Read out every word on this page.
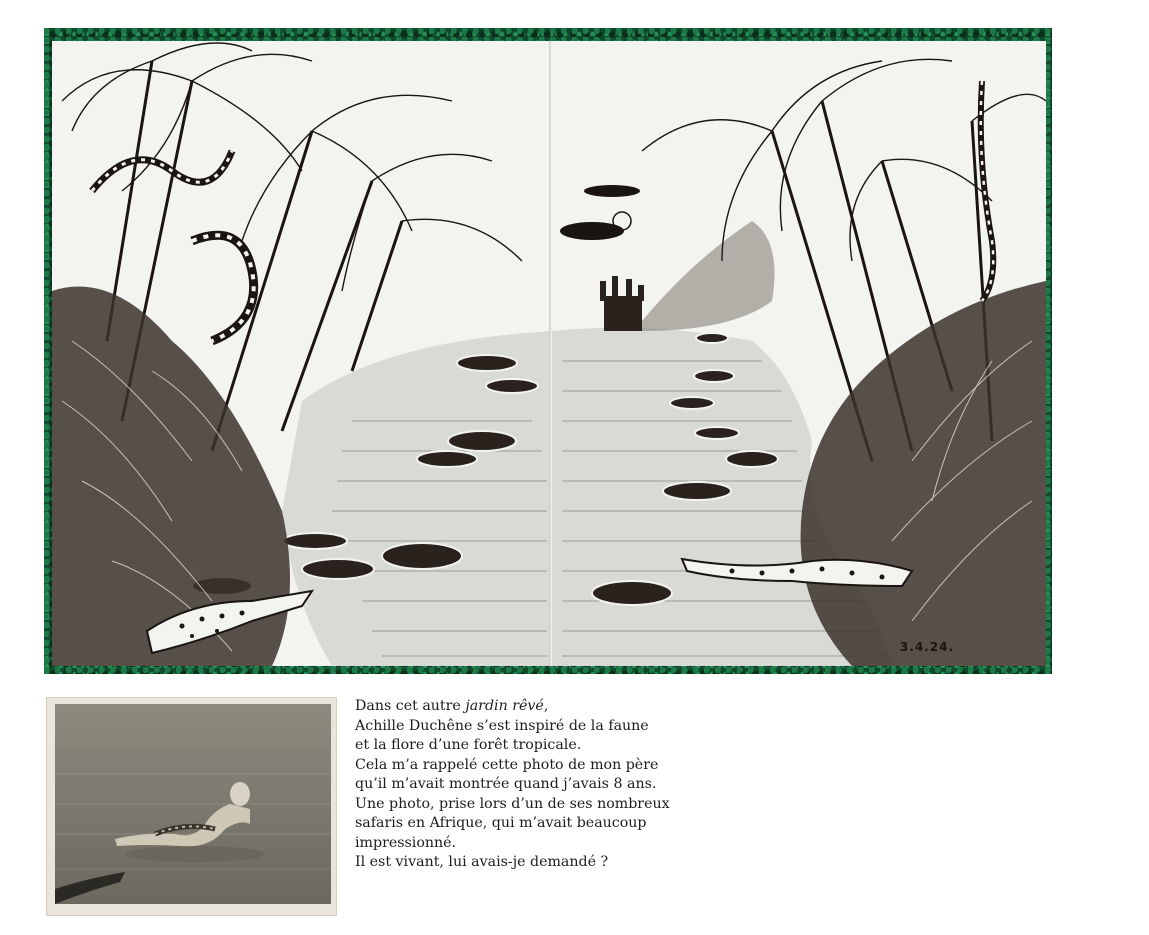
3.4.24.
Dans cet autre jardin rêvé,
Achille Duchêne s’est inspiré de la faune
et la flore d’une forêt tropicale.
Cela m’a rappelé cette photo de mon père
qu’il m’avait montrée quand j’avais 8 ans.
Une photo, prise lors d’un de ses nombreux
safaris en Afrique, qui m’avait beaucoup
impressionné.
Il est vivant, lui avais-je demandé ?
